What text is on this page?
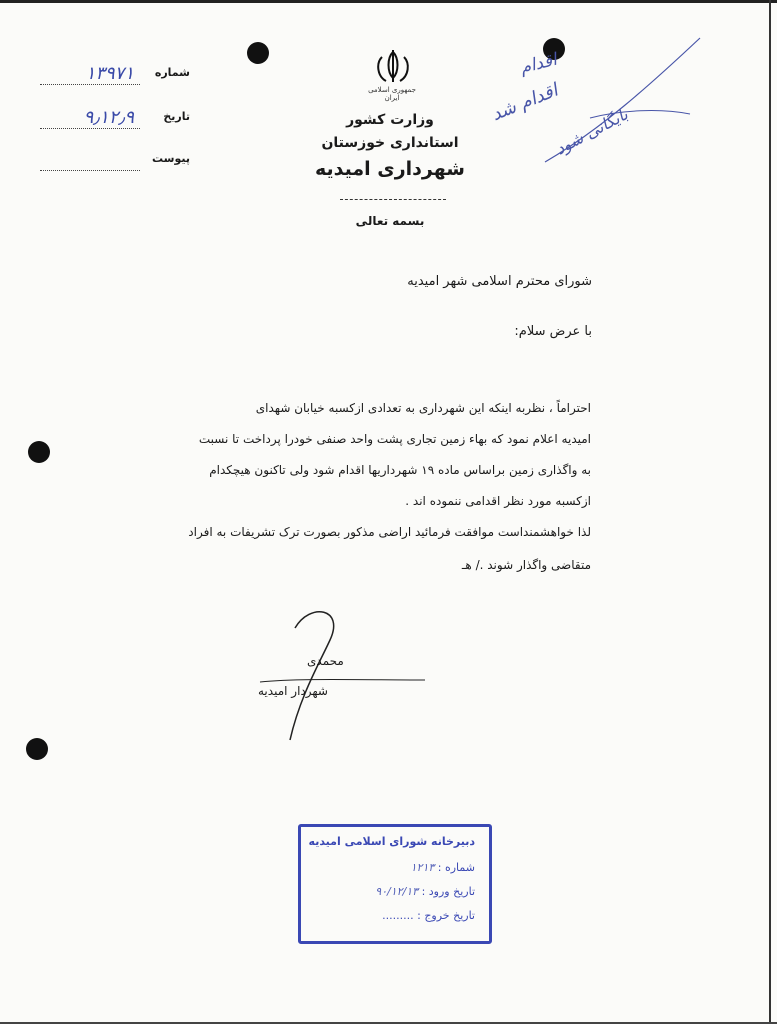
شماره
۱۳۹۷۱
تاریخ
۹٫۱۲٫۹
پیوست
جمهوری اسلامی ایران
وزارت کشور
استانداری خوزستان
شهرداری امیدیه
بسمه تعالی
اقدام
اقدام شد
بایگانی شود
شورای محترم اسلامی شهر امیدیه
با عرض سلام:
احتراماً ، نظربه اینکه این شهرداری به تعدادی ازکسبه خیابان شهدای
امیدیه اعلام نمود که بهاء زمین تجاری پشت واحد صنفی خودرا پرداخت تا نسبت
به واگذاری زمین براساس ماده ۱۹ شهرداریها اقدام شود ولی تاکنون هیچکدام
ازکسبه مورد نظر اقدامی ننموده اند .
لذا خواهشمنداست موافقت فرمائید اراضی مذکور بصورت ترک تشریفات به افراد
متقاضی واگذار شوند ./ هـ
محمدی
شهردار امیدیه
دبیرخانه شورای اسلامی امیدیه
شماره : ۱۲۱۳
تاریخ ورود : ۹۰/۱۲/۱۳
تاریخ خروج : .........
